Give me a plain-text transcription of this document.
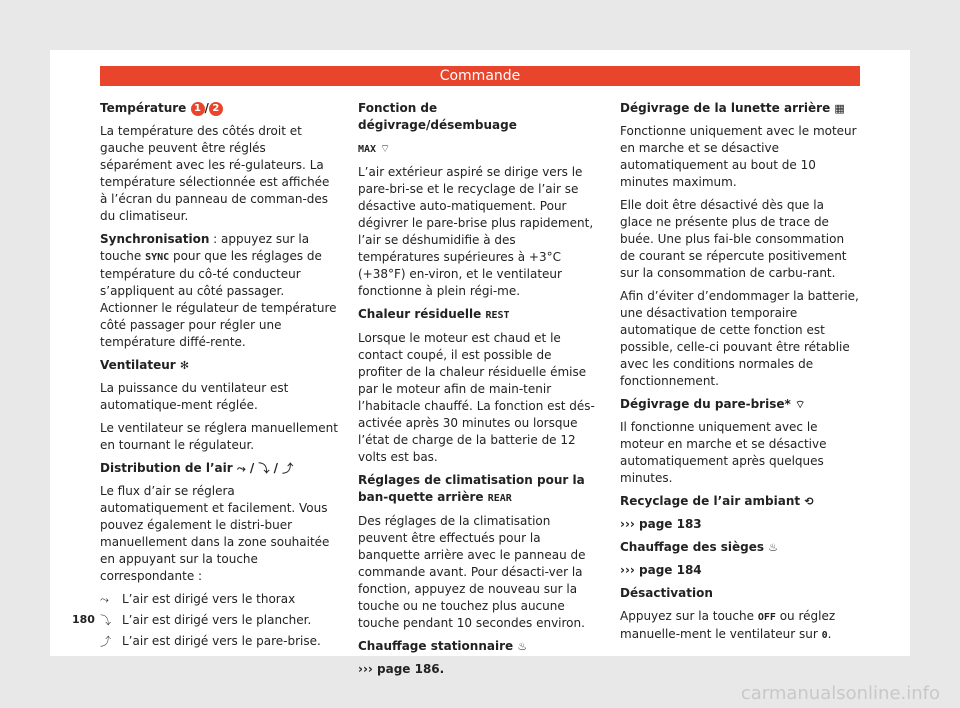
Commande

Température 1 / 2

La température des côtés droit et gauche peuvent être réglés séparément avec les ré-gulateurs. La température sélectionnée est affichée à l’écran du panneau de comman-des du climatiseur.

Synchronisation : appuyez sur la touche SYNC pour que les réglages de température du cô-té conducteur s’appliquent au côté passager. Actionner le régulateur de température côté passager pour régler une température diffé-rente.

Ventilateur ✻

La puissance du ventilateur est automatique-ment réglée.

Le ventilateur se réglera manuellement en tournant le régulateur.

Distribution de l’air ⤳ / ⤵ / ⤴

Le flux d’air se réglera automatiquement et facilement. Vous pouvez également le distri-buer manuellement dans la zone souhaitée en appuyant sur la touche correspondante :

⤳ L’air est dirigé vers le thorax
⤵ L’air est dirigé vers le plancher.
⤴ L’air est dirigé vers le pare-brise.

Fonction de dégivrage/désembuage

MAX ⌔

L’air extérieur aspiré se dirige vers le pare-bri-se et le recyclage de l’air se désactive auto-matiquement. Pour dégivrer le pare-brise plus rapidement, l’air se déshumidifie à des températures supérieures à +3°C (+38°F) en-viron, et le ventilateur fonctionne à plein régi-me.

Chaleur résiduelle REST

Lorsque le moteur est chaud et le contact coupé, il est possible de profiter de la chaleur résiduelle émise par le moteur afin de main-tenir l’habitacle chauffé. La fonction est dés-activée après 30 minutes ou lorsque l’état de charge de la batterie de 12 volts est bas.

Réglages de climatisation pour la ban-quette arrière REAR

Des réglages de la climatisation peuvent être effectués pour la banquette arrière avec le panneau de commande avant. Pour désacti-ver la fonction, appuyez de nouveau sur la touche ou ne touchez plus aucune touche pendant 10 secondes environ.

Chauffage stationnaire ♨

››› page 186.

Dégivrage de la lunette arrière ▦

Fonctionne uniquement avec le moteur en marche et se désactive automatiquement au bout de 10 minutes maximum.

Elle doit être désactivé dès que la glace ne présente plus de trace de buée. Une plus fai-ble consommation de courant se répercute positivement sur la consommation de carbu-rant.

Afin d’éviter d’endommager la batterie, une désactivation temporaire automatique de cette fonction est possible, celle-ci pouvant être rétablie avec les conditions normales de fonctionnement.

Dégivrage du pare-brise* ⌔

Il fonctionne uniquement avec le moteur en marche et se désactive automatiquement après quelques minutes.

Recyclage de l’air ambiant ⟲

››› page 183

Chauffage des sièges ♨

››› page 184

Désactivation

Appuyez sur la touche OFF ou réglez manuelle-ment le ventilateur sur 0.

180
carmanualsonline.info
